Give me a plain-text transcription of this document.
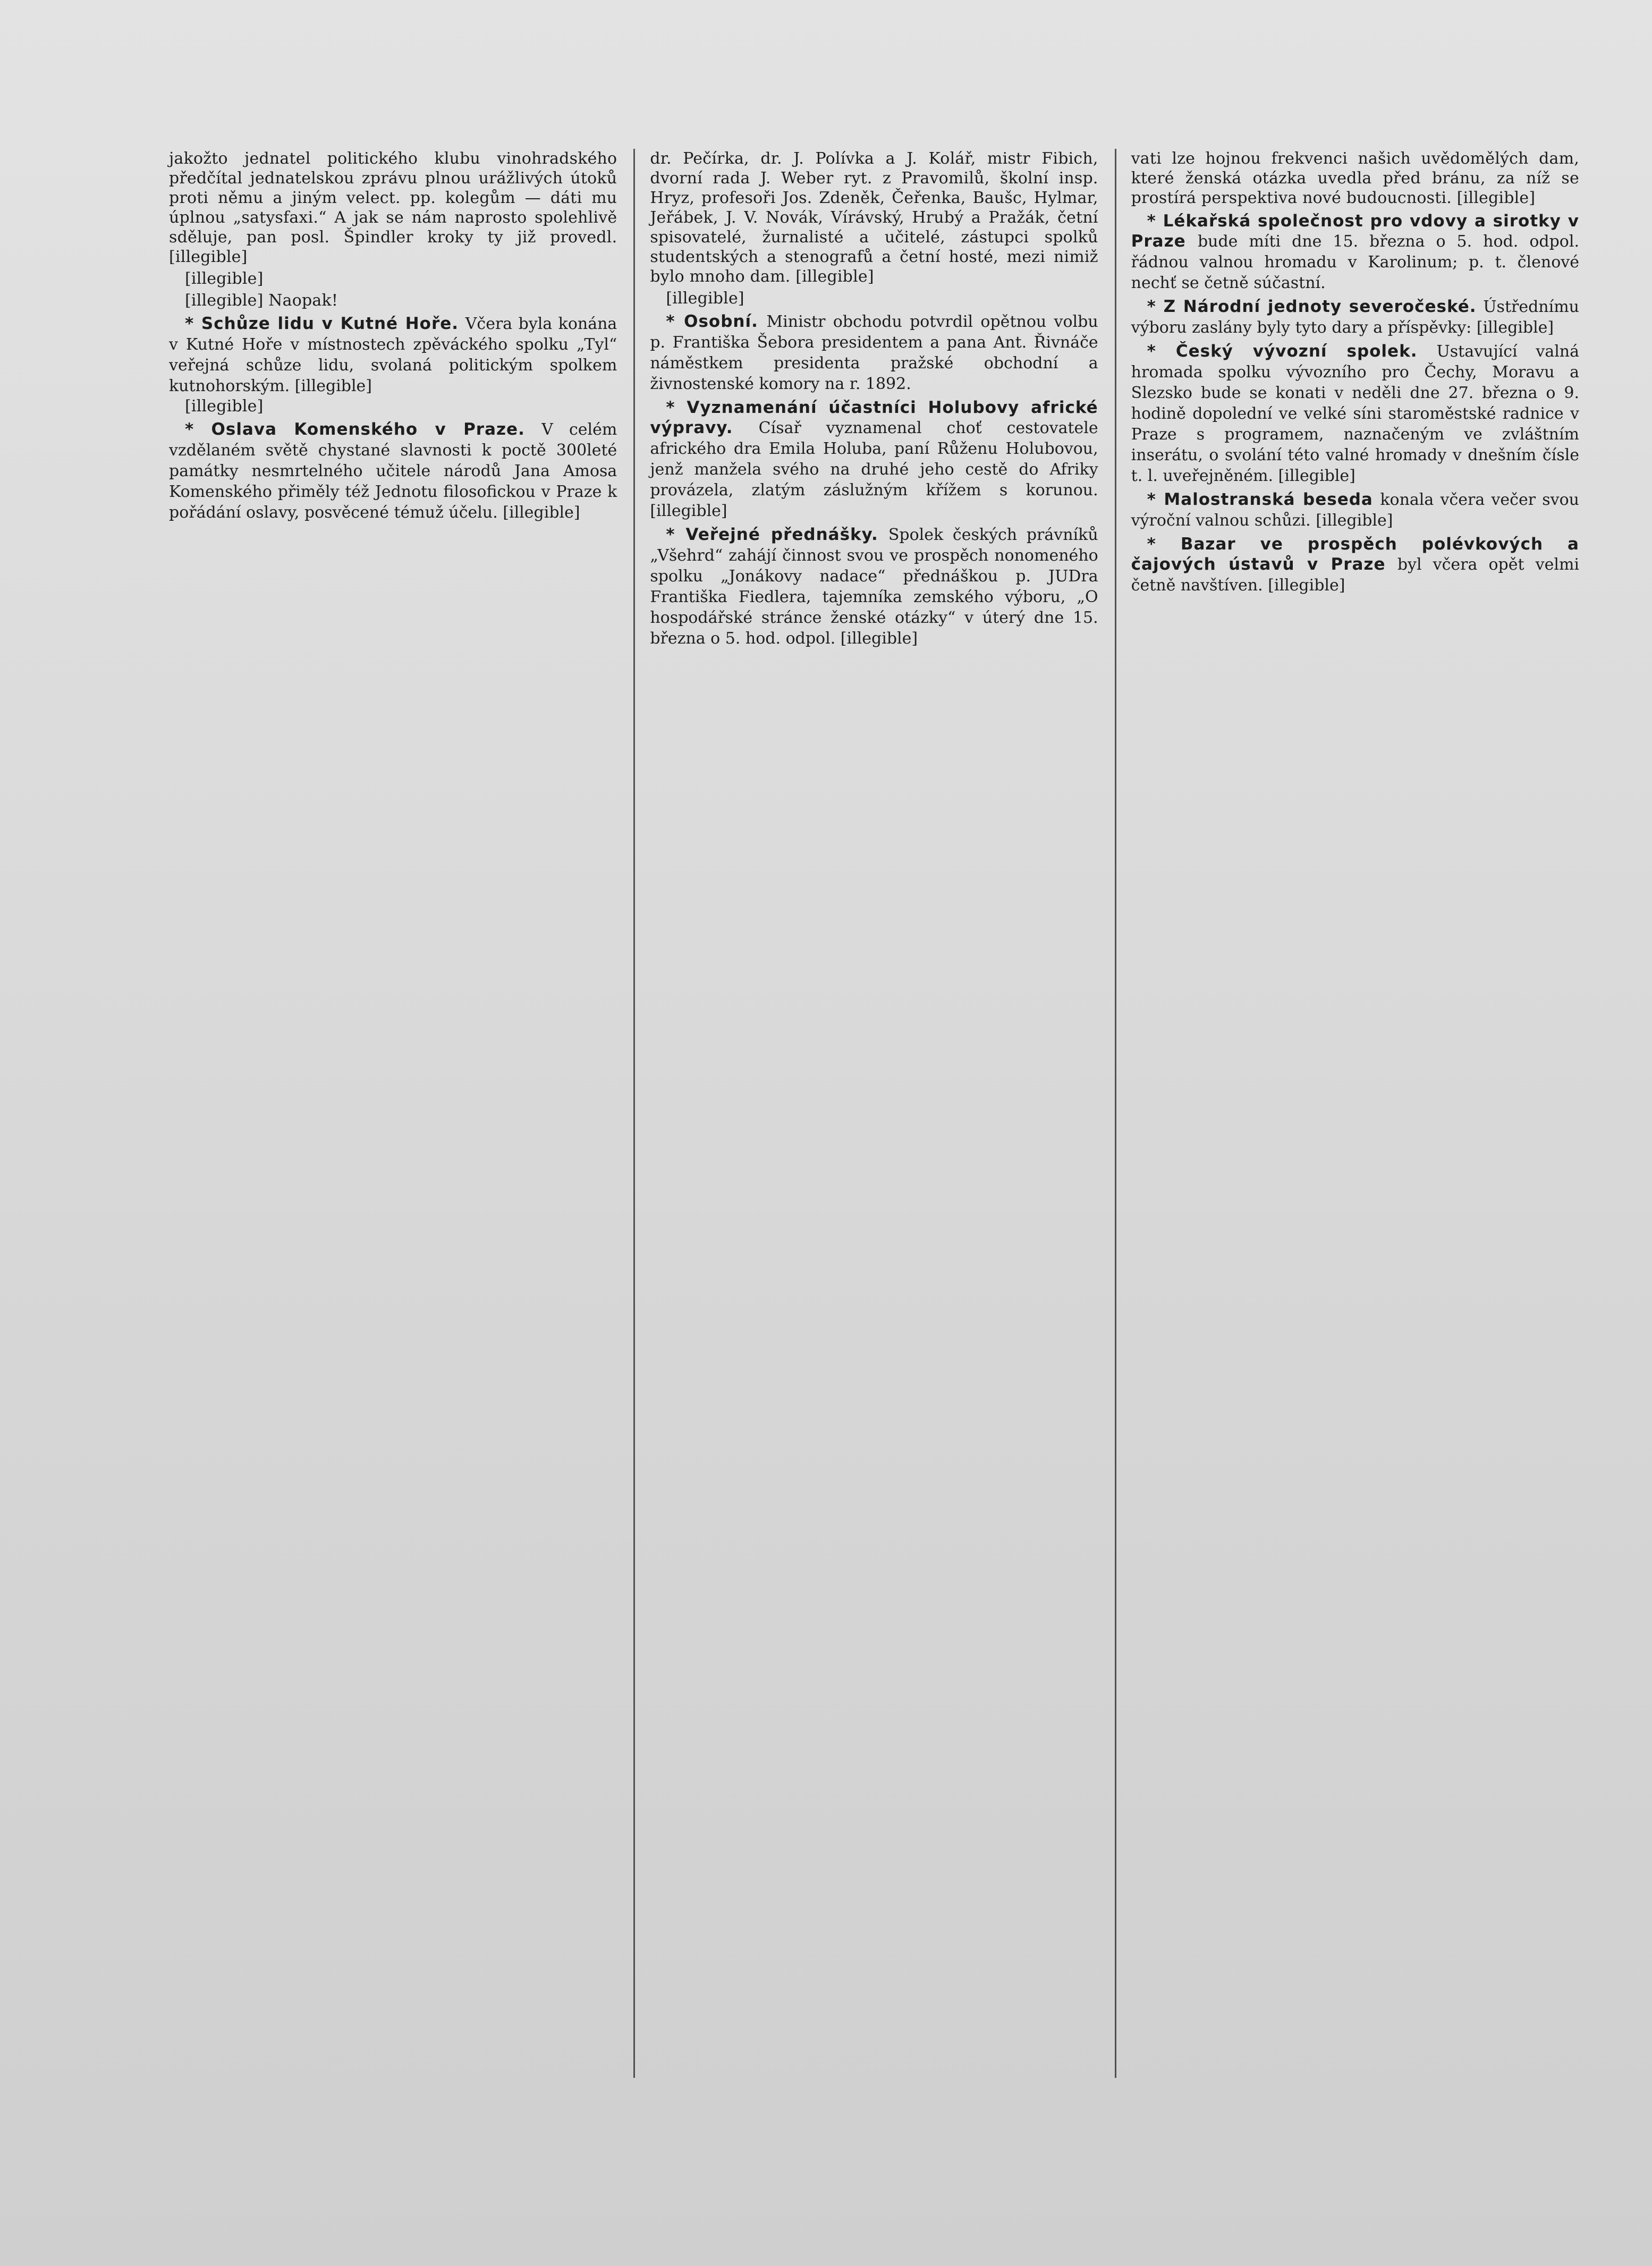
jakožto jednatel politického klubu vinohradského předčítal jednatelskou zprávu plnou urážlivých útoků proti němu a jiným velect. pp. kolegům — dáti mu úplnou „satysfaxi.“ A jak se nám naprosto spolehlivě sděluje, pan posl. Špindler kroky ty již provedl. [illegible]

[illegible]

[illegible] Naopak!

* Schůze lidu v Kutné Hoře. Včera byla konána v Kutné Hoře v místnostech zpěváckého spolku „Tyl“ veřejná schůze lidu, svolaná politickým spolkem kutnohorským. [illegible]

[illegible]

* Oslava Komenského v Praze. V celém vzdělaném světě chystané slavnosti k poctě 300leté památky nesmrtelného učitele národů Jana Amosa Komenského přiměly též Jednotu filosofickou v Praze k pořádání oslavy, posvěcené témuž účelu. [illegible]

dr. Pečírka, dr. J. Polívka a J. Kolář, mistr Fibich, dvorní rada J. Weber ryt. z Pravomilů, školní insp. Hryz, profesoři Jos. Zdeněk, Čeřenka, Baušc, Hylmar, Jeřábek, J. V. Novák, Vírávský, Hrubý a Pražák, četní spisovatelé, žurnalisté a učitelé, zástupci spolků studentských a stenografů a četní hosté, mezi nimiž bylo mnoho dam. [illegible]

[illegible]

* Osobní. Ministr obchodu potvrdil opětnou volbu p. Františka Šebora presidentem a pana Ant. Řivnáče náměstkem presidenta pražské obchodní a živnostenské komory na r. 1892.

* Vyznamenání účastníci Holubovy africké výpravy. Císař vyznamenal choť cestovatele afrického dra Emila Holuba, paní Růženu Holubovou, jenž manžela svého na druhé jeho cestě do Afriky provázela, zlatým záslužným křížem s korunou. [illegible]

* Veřejné přednášky. Spolek českých právníků „Všehrd“ zahájí činnost svou ve prospěch nonomeného spolku „Jonákovy nadace“ přednáškou p. JUDra Františka Fiedlera, tajemníka zemského výboru, „O hospodářské stránce ženské otázky“ v úterý dne 15. března o 5. hod. odpol. [illegible]

vati lze hojnou frekvenci našich uvědomělých dam, které ženská otázka uvedla před bránu, za níž se prostírá perspektiva nové budoucnosti. [illegible]

* Lékařská společnost pro vdovy a sirotky v Praze bude míti dne 15. března o 5. hod. odpol. řádnou valnou hromadu v Karolinum; p. t. členové nechť se četně súčastní.

* Z Národní jednoty severočeské. Ústřednímu výboru zaslány byly tyto dary a příspěvky: [illegible]

* Český vývozní spolek. Ustavující valná hromada spolku vývozního pro Čechy, Moravu a Slezsko bude se konati v neděli dne 27. března o 9. hodině dopolední ve velké síni staroměstské radnice v Praze s programem, naznačeným ve zvláštním inserátu, o svolání této valné hromady v dnešním čísle t. l. uveřejněném. [illegible]

* Malostranská beseda konala včera večer svou výroční valnou schůzi. [illegible]

* Bazar ve prospěch polévkových a čajových ústavů v Praze byl včera opět velmi četně navštíven. [illegible]
